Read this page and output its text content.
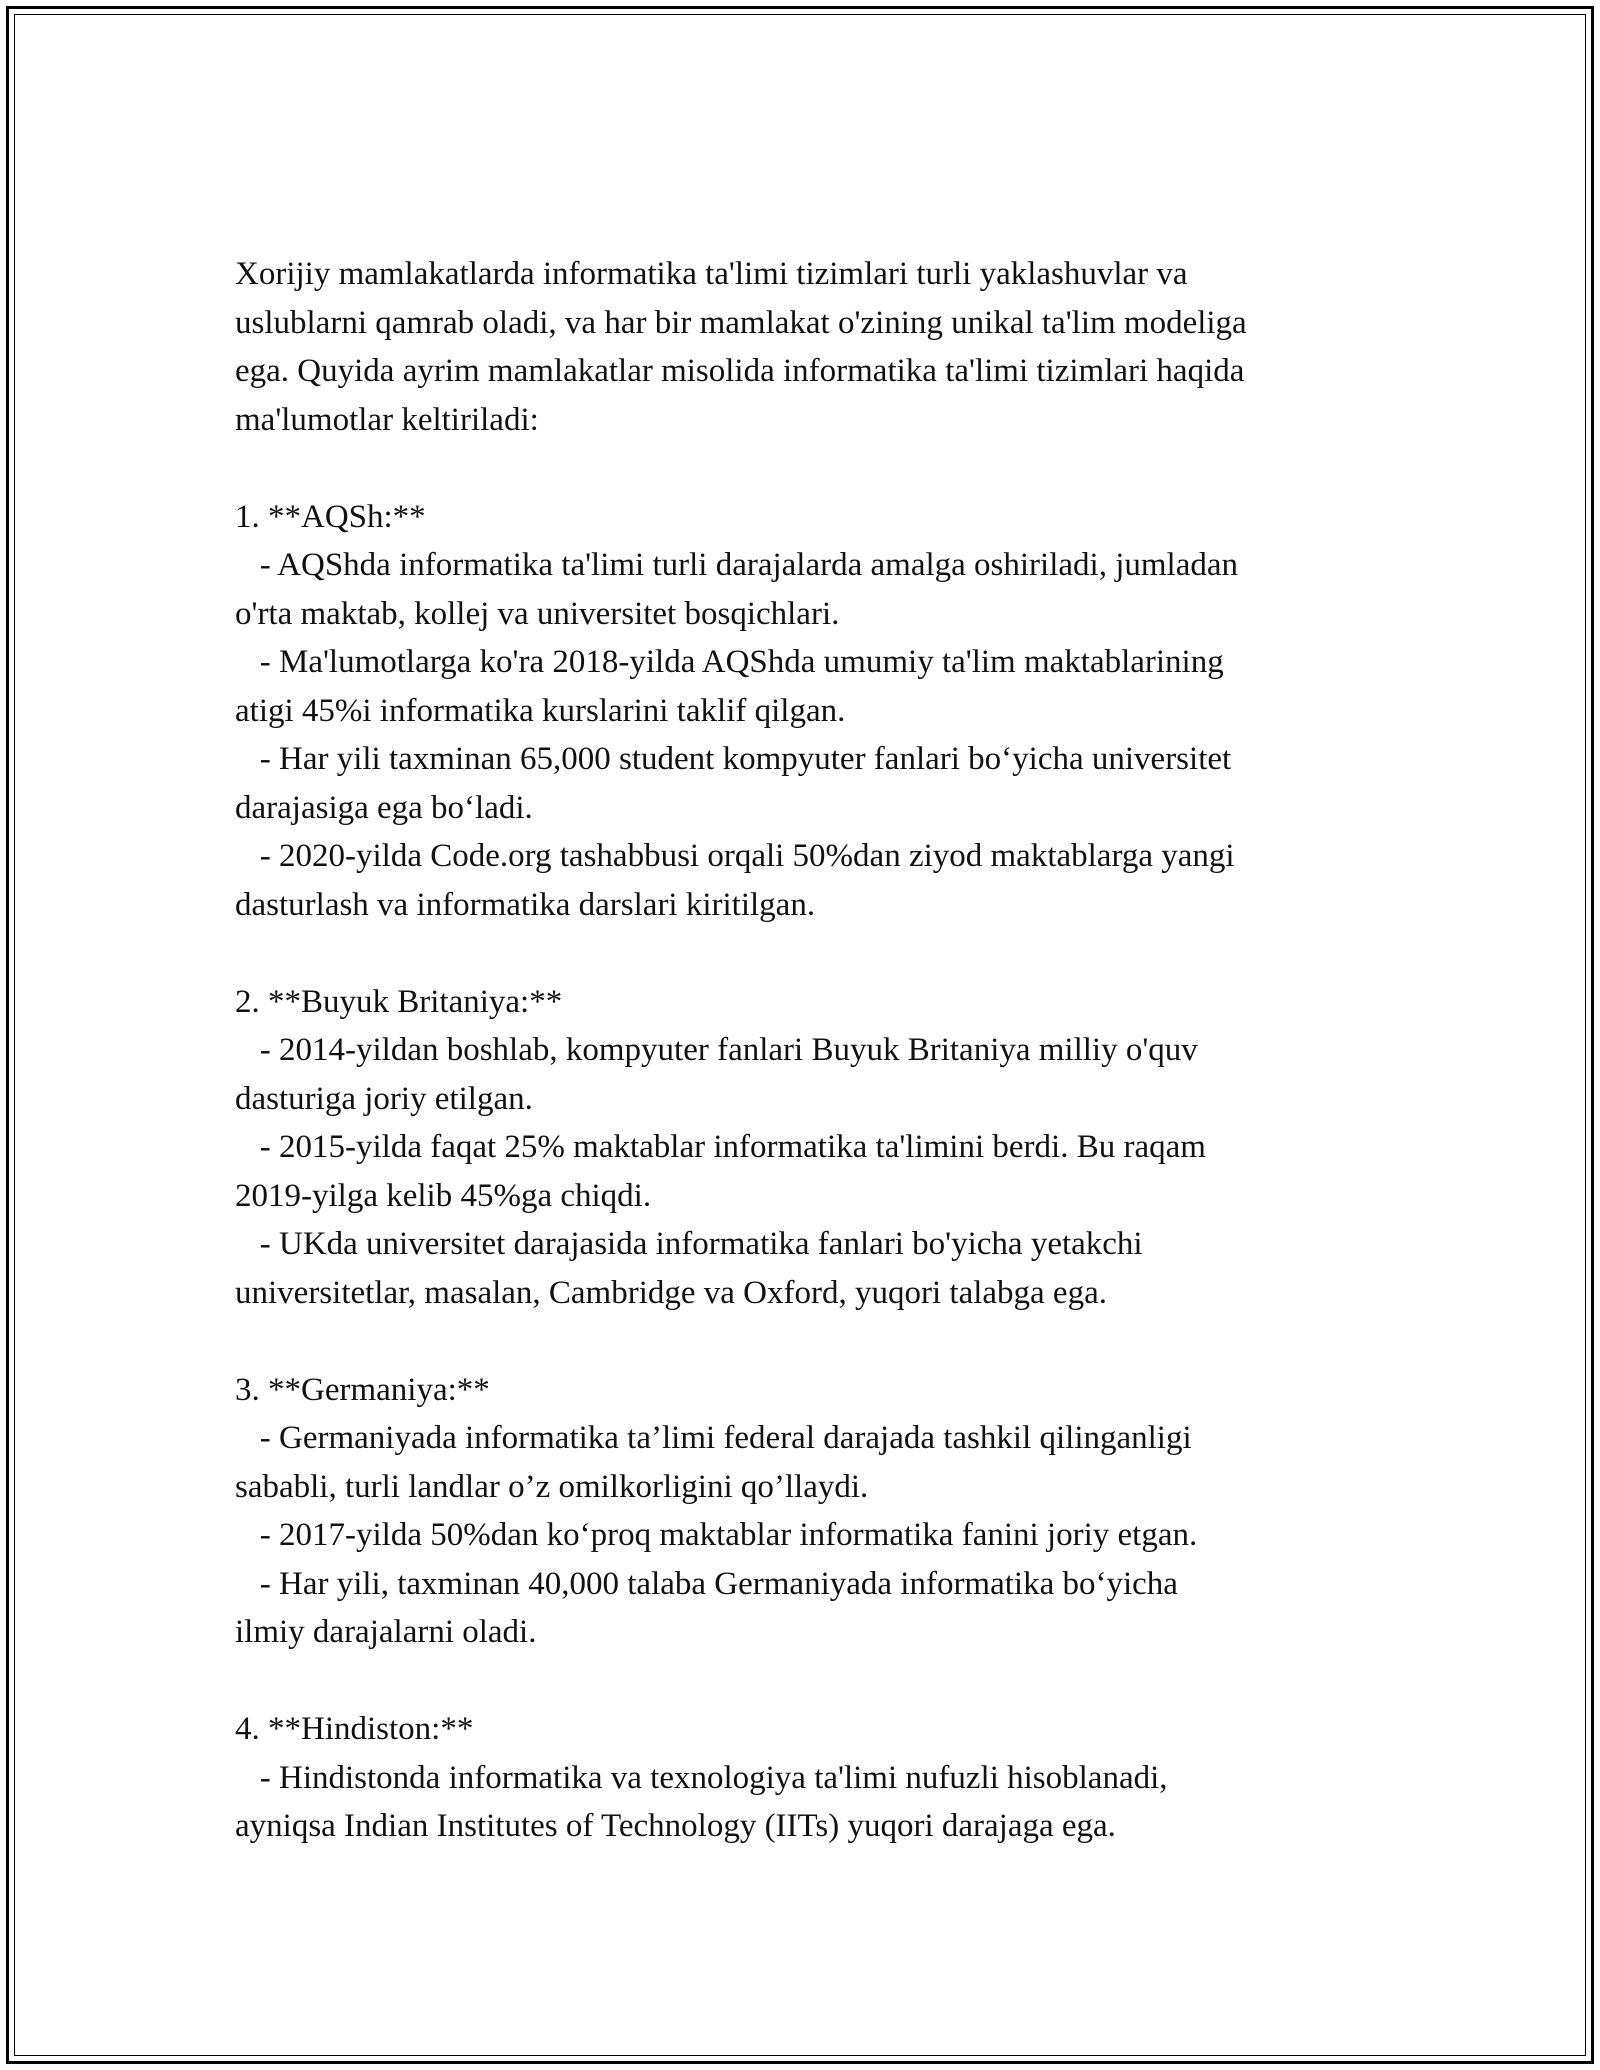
Xorijiy mamlakatlarda informatika ta'limi tizimlari turli yaklashuvlar va
uslublarni qamrab oladi, va har bir mamlakat o'zining unikal ta'lim modeliga
ega. Quyida ayrim mamlakatlar misolida informatika ta'limi tizimlari haqida
ma'lumotlar keltiriladi:

1. **AQSh:**
- AQShda informatika ta'limi turli darajalarda amalga oshiriladi, jumladan
o'rta maktab, kollej va universitet bosqichlari.
- Ma'lumotlarga ko'ra 2018-yilda AQShda umumiy ta'lim maktablarining
atigi 45%i informatika kurslarini taklif qilgan.
- Har yili taxminan 65,000 student kompyuter fanlari bo‘yicha universitet
darajasiga ega bo‘ladi.
- 2020-yilda Code.org tashabbusi orqali 50%dan ziyod maktablarga yangi
dasturlash va informatika darslari kiritilgan.
2. **Buyuk Britaniya:**
- 2014-yildan boshlab, kompyuter fanlari Buyuk Britaniya milliy o'quv
dasturiga joriy etilgan.
- 2015-yilda faqat 25% maktablar informatika ta'limini berdi. Bu raqam
2019-yilga kelib 45%ga chiqdi.
- UKda universitet darajasida informatika fanlari bo'yicha yetakchi
universitetlar, masalan, Cambridge va Oxford, yuqori talabga ega.
3. **Germaniya:**
- Germaniyada informatika ta’limi federal darajada tashkil qilinganligi
sababli, turli landlar o’z omilkorligini qo’llaydi.
- 2017-yilda 50%dan ko‘proq maktablar informatika fanini joriy etgan.
- Har yili, taxminan 40,000 talaba Germaniyada informatika bo‘yicha
ilmiy darajalarni oladi.
4. **Hindiston:**
- Hindistonda informatika va texnologiya ta'limi nufuzli hisoblanadi,
ayniqsa Indian Institutes of Technology (IITs) yuqori darajaga ega.
